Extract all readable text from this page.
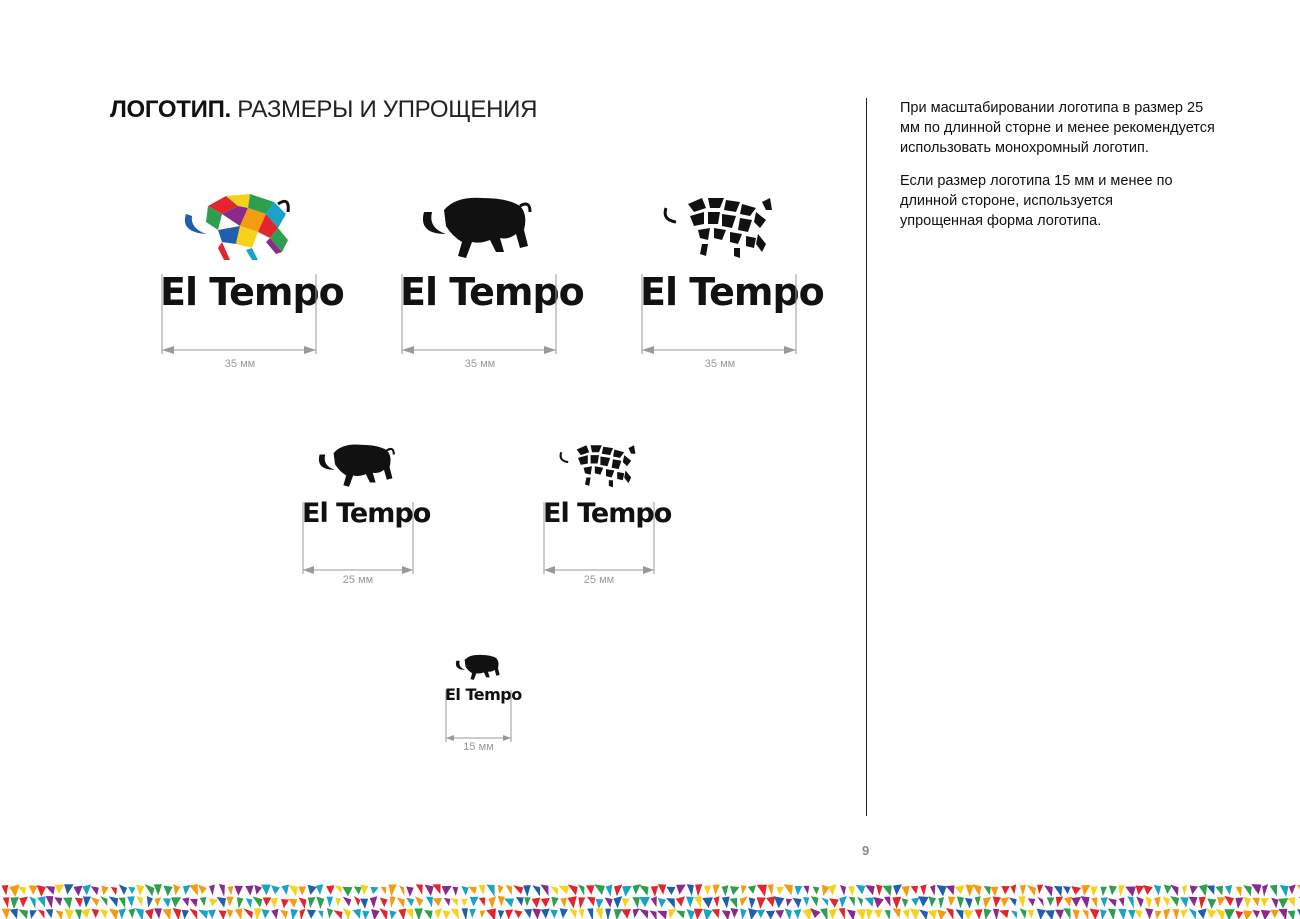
ЛОГОТИП. РАЗМЕРЫ И УПРОЩЕНИЯ	При масштабировании логотипа в размер 25 мм по длинной сторне и менее рекомендуется использовать монохромный логотип.

Если размер логотипа 15 мм и менее по длинной стороне, используется упрощенная форма логотипа.

El Tempo
35 мм
El Tempo
35 мм
El Tempo
35 мм
El Tempo
25 мм
El Tempo
25 мм
El Tempo
15 мм
9
